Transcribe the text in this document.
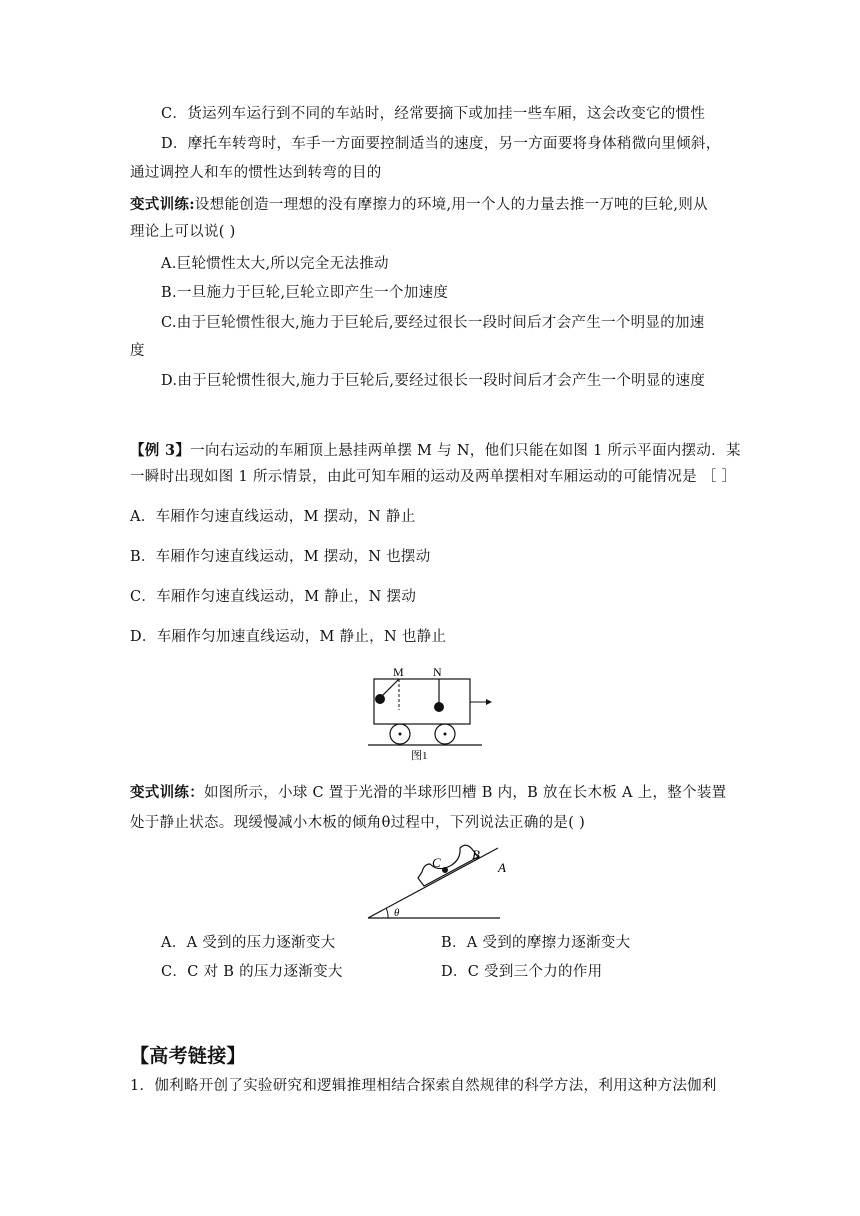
C．货运列车运行到不同的车站时，经常要摘下或加挂一些车厢，这会改变它的惯性
D．摩托车转弯时，车手一方面要控制适当的速度，另一方面要将身体稍微向里倾斜，
通过调控人和车的惯性达到转弯的目的
变式训练:设想能创造一理想的没有摩擦力的环境,用一个人的力量去推一万吨的巨轮,则从
理论上可以说( )
A.巨轮惯性太大,所以完全无法推动
B.一旦施力于巨轮,巨轮立即产生一个加速度
C.由于巨轮惯性很大,施力于巨轮后,要经过很长一段时间后才会产生一个明显的加速
度
D.由于巨轮惯性很大,施力于巨轮后,要经过很长一段时间后才会产生一个明显的速度
【例 3】一向右运动的车厢顶上悬挂两单摆 M 与 N，他们只能在如图 1 所示平面内摆动．某
一瞬时出现如图 1 所示情景，由此可知车厢的运动及两单摆相对车厢运动的可能情况是 ［ ］
A．车厢作匀速直线运动，M 摆动，N 静止
B．车厢作匀速直线运动，M 摆动，N 也摆动
C．车厢作匀速直线运动，M 静止，N 摆动
D．车厢作匀加速直线运动，M 静止，N 也静止
M N
图1
变式训练：如图所示，小球 C 置于光滑的半球形凹槽 B 内，B 放在长木板 A 上，整个装置
处于静止状态。现缓慢减小木板的倾角θ过程中，下列说法正确的是( )
θ
C
B
A
A．A 受到的压力逐渐变大	B．A 受到的摩擦力逐渐变大
C．C 对 B 的压力逐渐变大	D．C 受到三个力的作用
【高考链接】
1．伽利略开创了实验研究和逻辑推理相结合探索自然规律的科学方法，利用这种方法伽利
